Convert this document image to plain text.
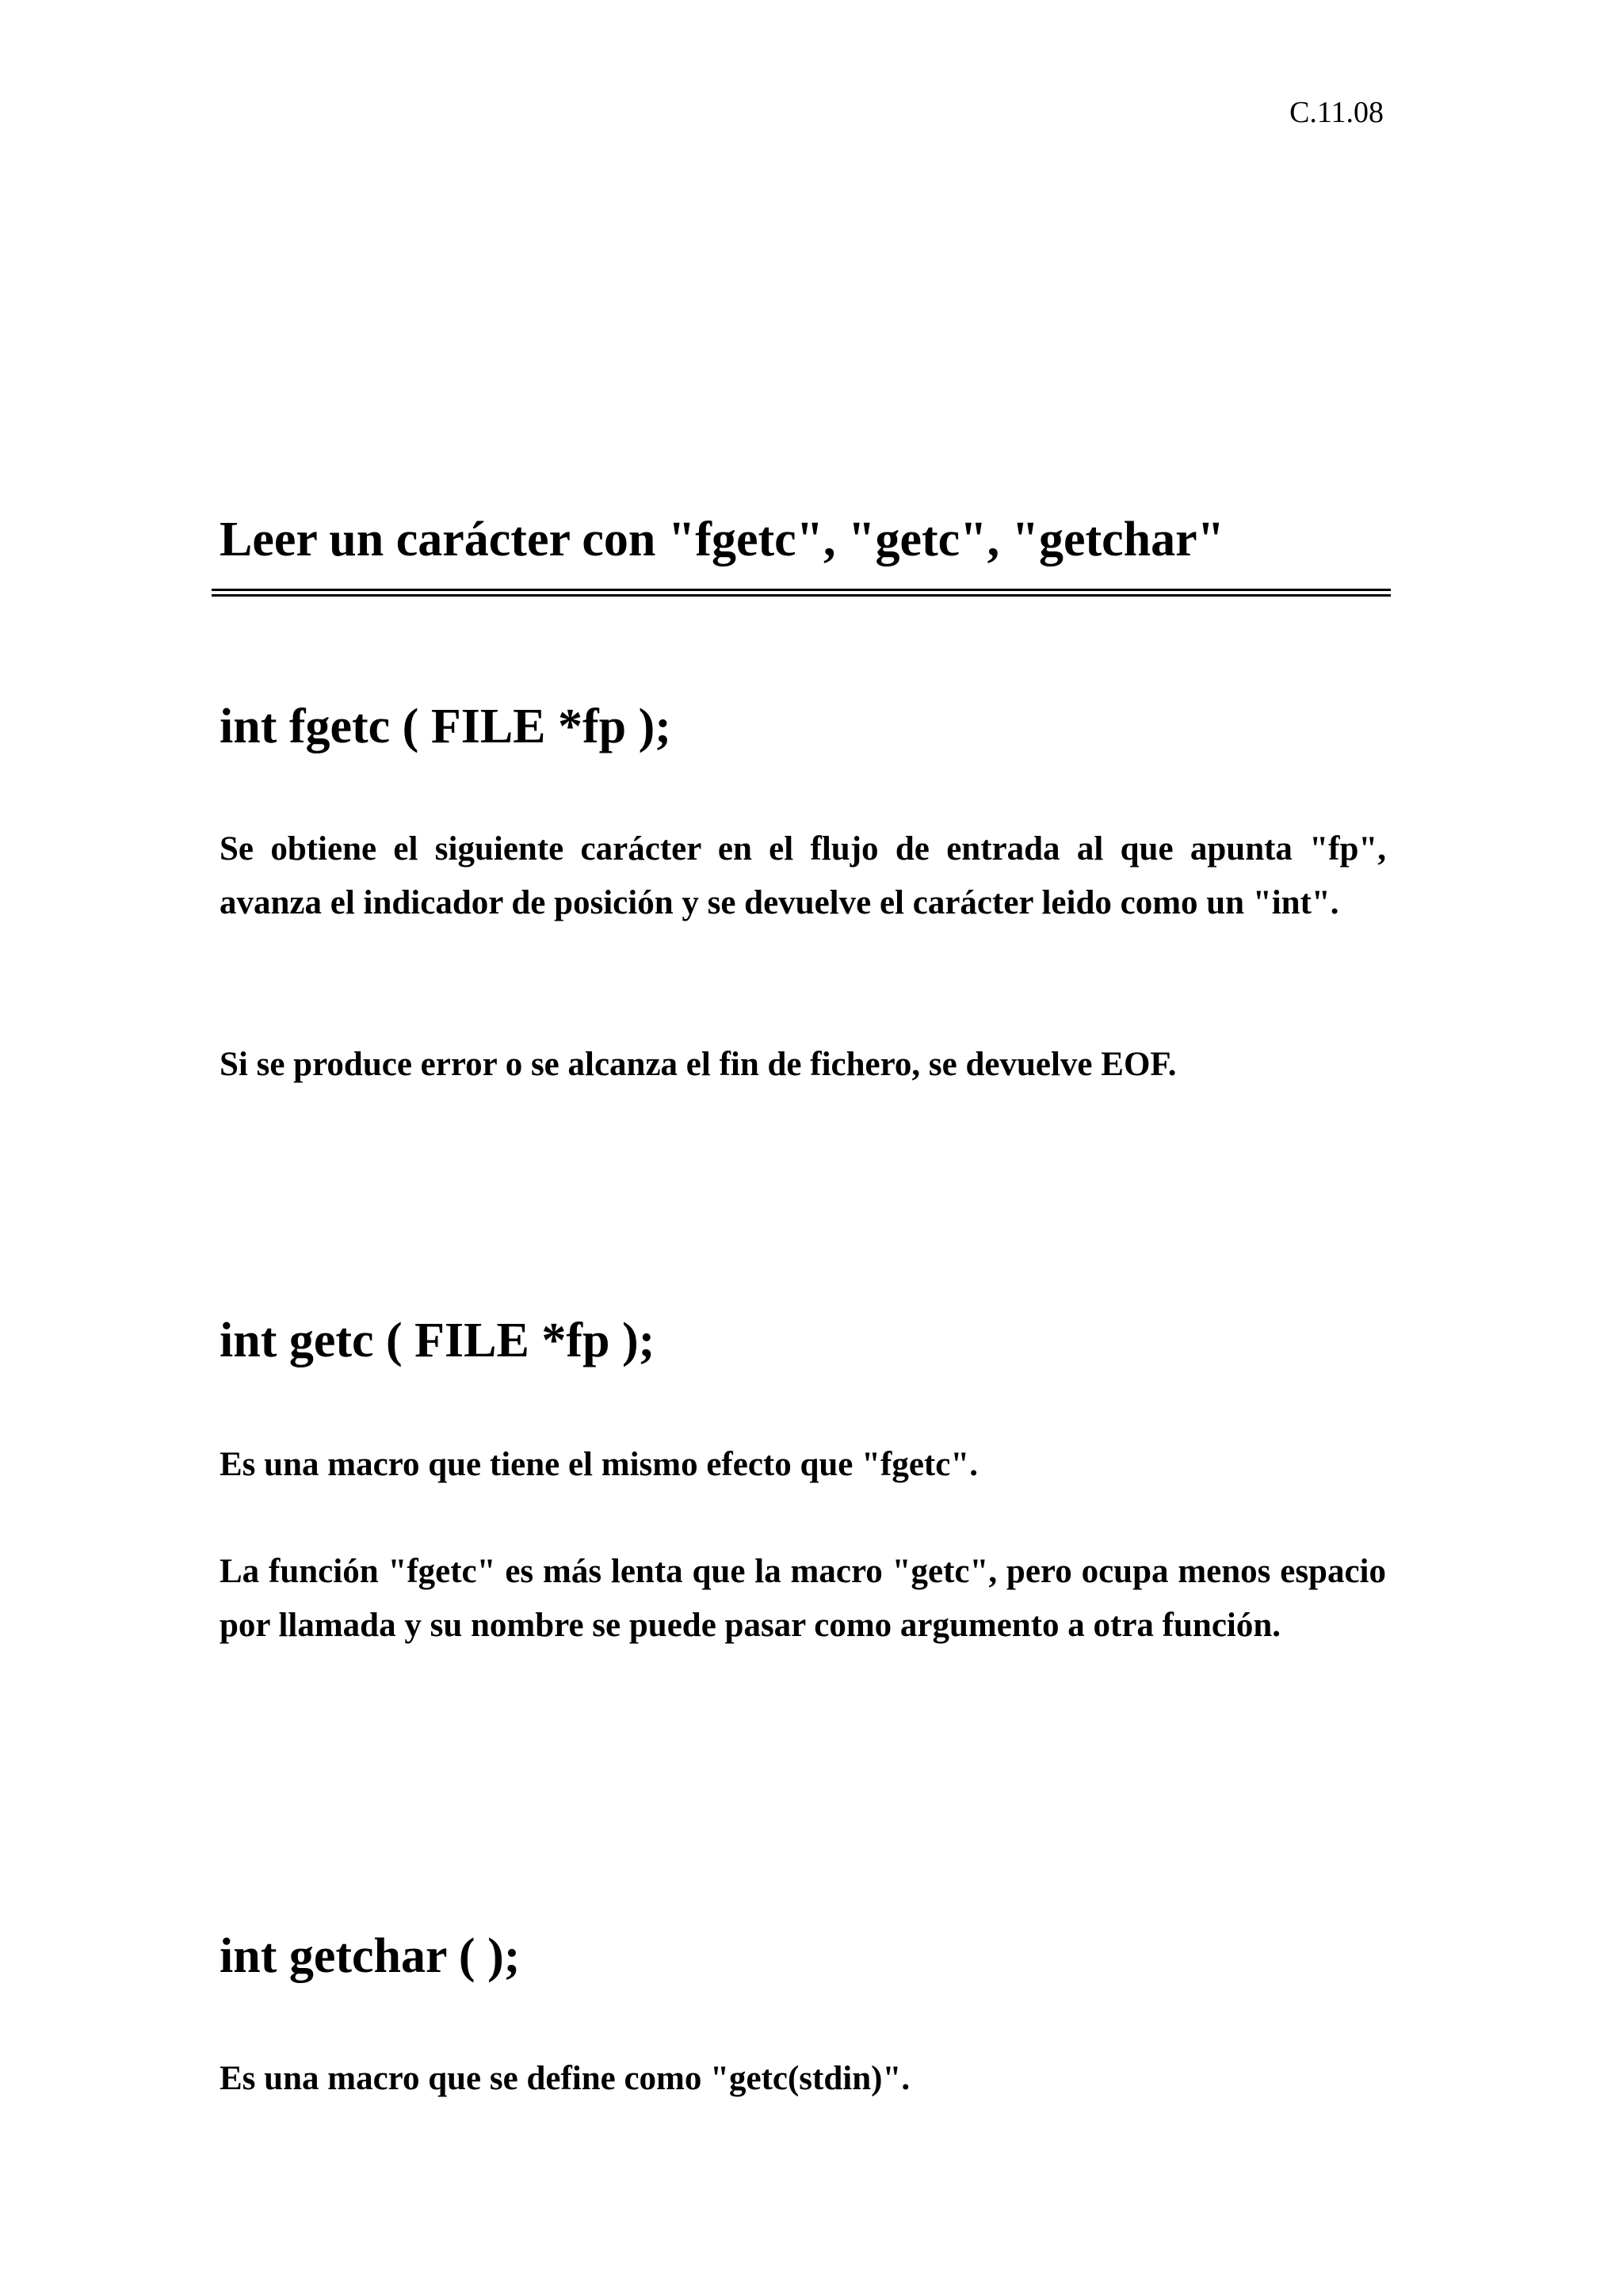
C.11.08
Leer un carácter con "fgetc", "getc", "getchar"
int fgetc ( FILE *fp );

Se obtiene el siguiente carácter en el flujo de entrada al que apunta "fp", avanza el indicador de posición y se devuelve el carácter leido como un "int".

Si se produce error o se alcanza el fin de fichero, se devuelve EOF.

int getc ( FILE *fp );

Es una macro que tiene el mismo efecto que "fgetc".

La función "fgetc" es más lenta que la macro "getc", pero ocupa menos espacio por llamada y su nombre se puede pasar como argumento a otra función.

int getchar ( );

Es una macro que se define como "getc(stdin)".
